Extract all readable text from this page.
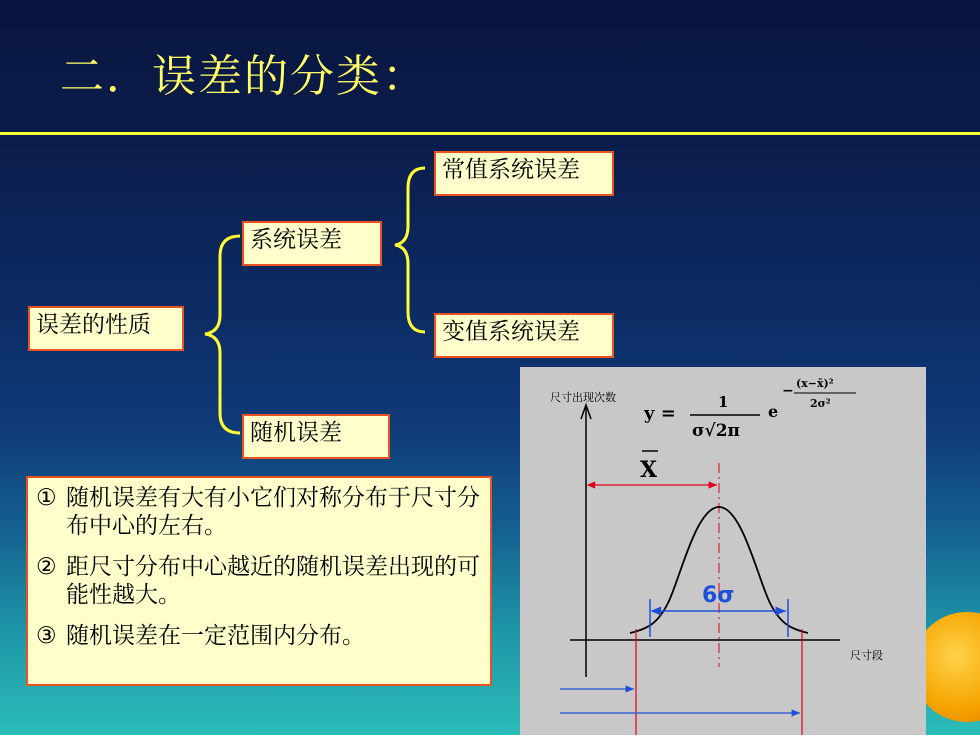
二．误差的分类：
误差的性质
系统误差
常值系统误差
变值系统误差
随机误差
① 随机误差有大有小它们对称分布于尺寸分布中心的左右。
② 距尺寸分布中心越近的随机误差出现的可能性越大。
③ 随机误差在一定范围内分布。
尺寸出现次数
尺寸段
y =
1
σ√2π
e
− (x−x̄)²
2σ²
X
6σ
